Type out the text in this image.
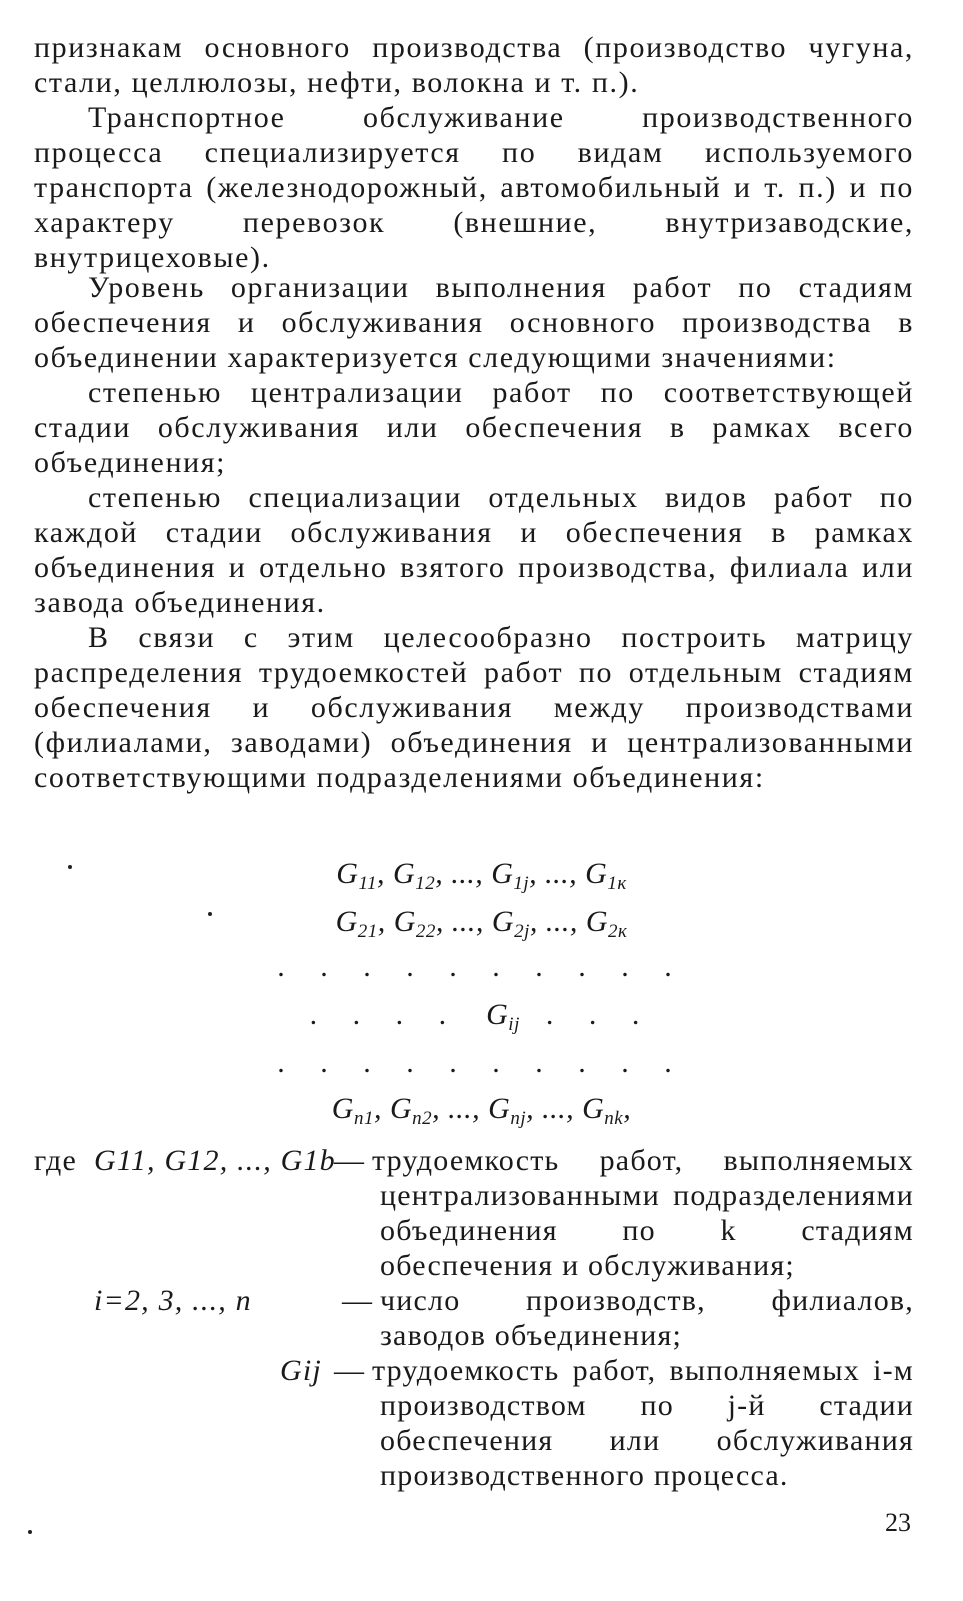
признакам основного производства (производство чугуна, стали, целлюлозы, нефти, волокна и т. п.).

Транспортное обслуживание производственного процесса специализируется по видам используемого транспорта (железнодорожный, автомобильный и т. п.) и по характеру перевозок (внешние, внутризаводские, внутрицеховые).

Уровень организации выполнения работ по стадиям обеспечения и обслуживания основного производства в объединении характеризуется следующими значениями:

степенью централизации работ по соответствующей стадии обслуживания или обеспечения в рамках всего объединения;

степенью специализации отдельных видов работ по каждой стадии обслуживания и обеспечения в рамках объединения и отдельно взятого производства, филиала или завода объединения.

В связи с этим целесообразно построить матрицу распределения трудоемкостей работ по отдельным стадиям обеспечения и обслуживания между производствами (филиалами, заводами) объединения и централизованными соответствующими подразделениями объединения:

$G_{11}$, $G_{12}$, ..., $G_{1j}$, ..., $G_{1к}$
$G_{21}$, $G_{22}$, ..., $G_{2j}$, ..., $G_{2к}$
. . . . . . . . . .
. . . . $G_{ij}$ . . .
. . . . . . . . . .
$G_{n1}$, $G_{n2}$, ..., $G_{nj}$, ..., $G_{nk}$,
где G11, G12, ..., G1b
— трудоемкость работ, выполняемых централизованными подразделениями объединения по k стадиям обеспечения и обслуживания;
i=2, 3, ..., n	— число производств, филиалов, заводов объединения;
Gij — трудоемкость работ, выполняемых i-м производством по j-й стадии обеспечения или обслуживания производственного процесса.
23
